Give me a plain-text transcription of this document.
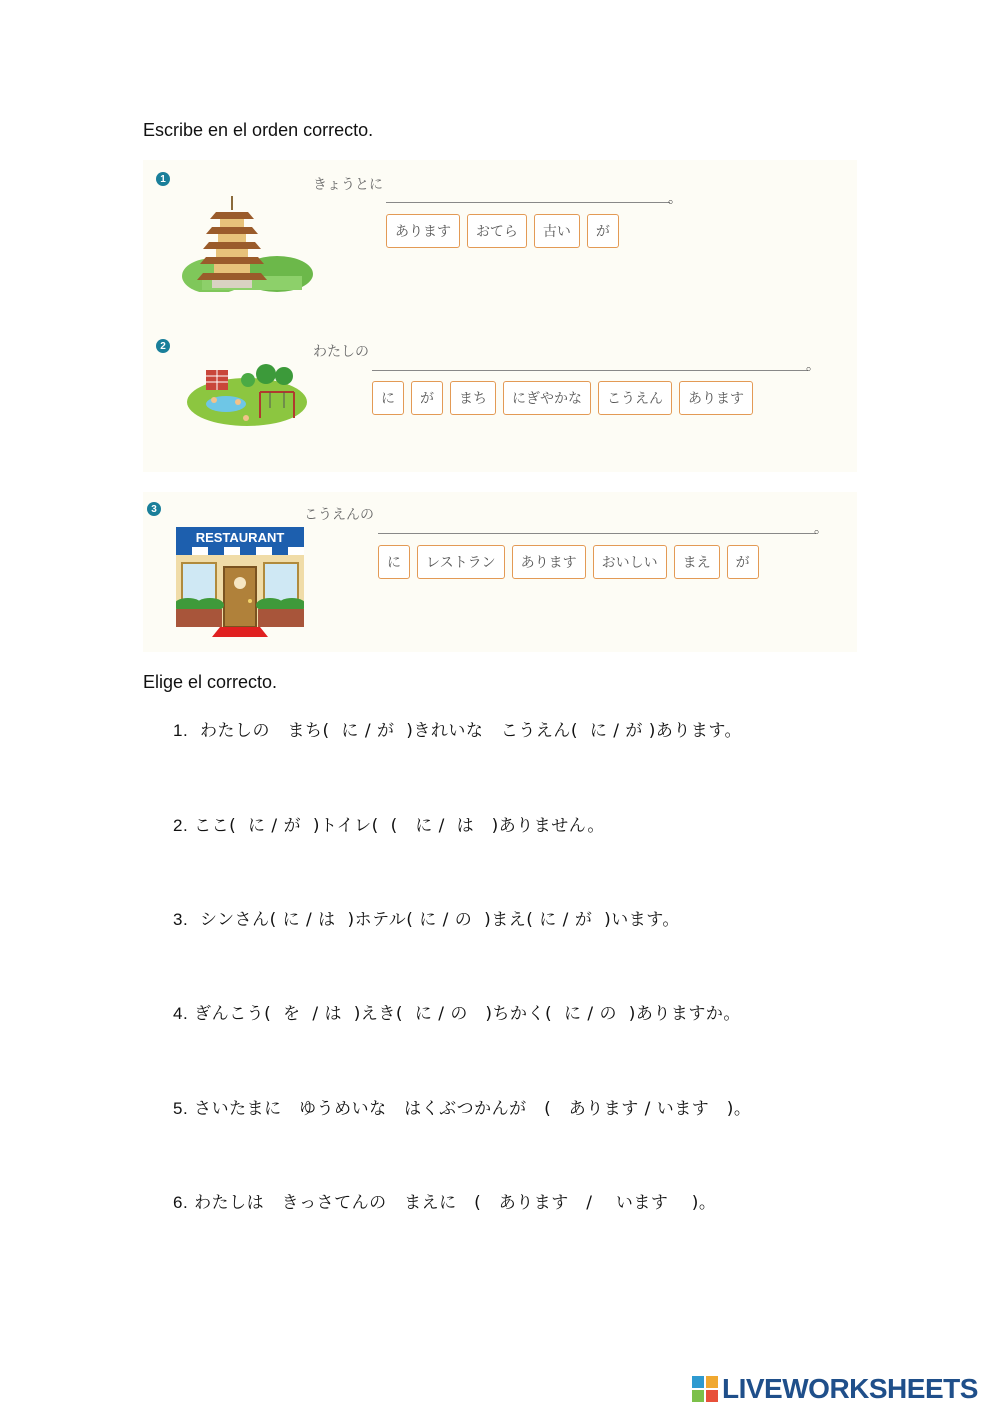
Escribe en el orden correcto.
1	きょうとに
。
あります	おてら	古い	が
2	わたしの
。
に	が	まち	にぎやかな	こうえん	あります
3
RESTAURANT
こうえんの
。
に	レストラン	あります	おいしい	まえ	が
Elige el correcto.
1.  わたしの　まち(  に / が  )きれいな　こうえん(  に / が )あります。
2. ここ(  に / が  )トイレ(  (　に /  は　)ありません。
3.  シンさん( に / は  )ホテル( に / の  )まえ( に / が  )います。
4. ぎんこう(  を  / は  )えき(  に / の　)ちかく(  に / の  )ありますか。
5. さいたまに　ゆうめいな　はくぶつかんが　(　あります / います　)。
6. わたしは　きっさてんの　まえに　(　あります　/　 います　 )。
LIVEWORKSHEETS
